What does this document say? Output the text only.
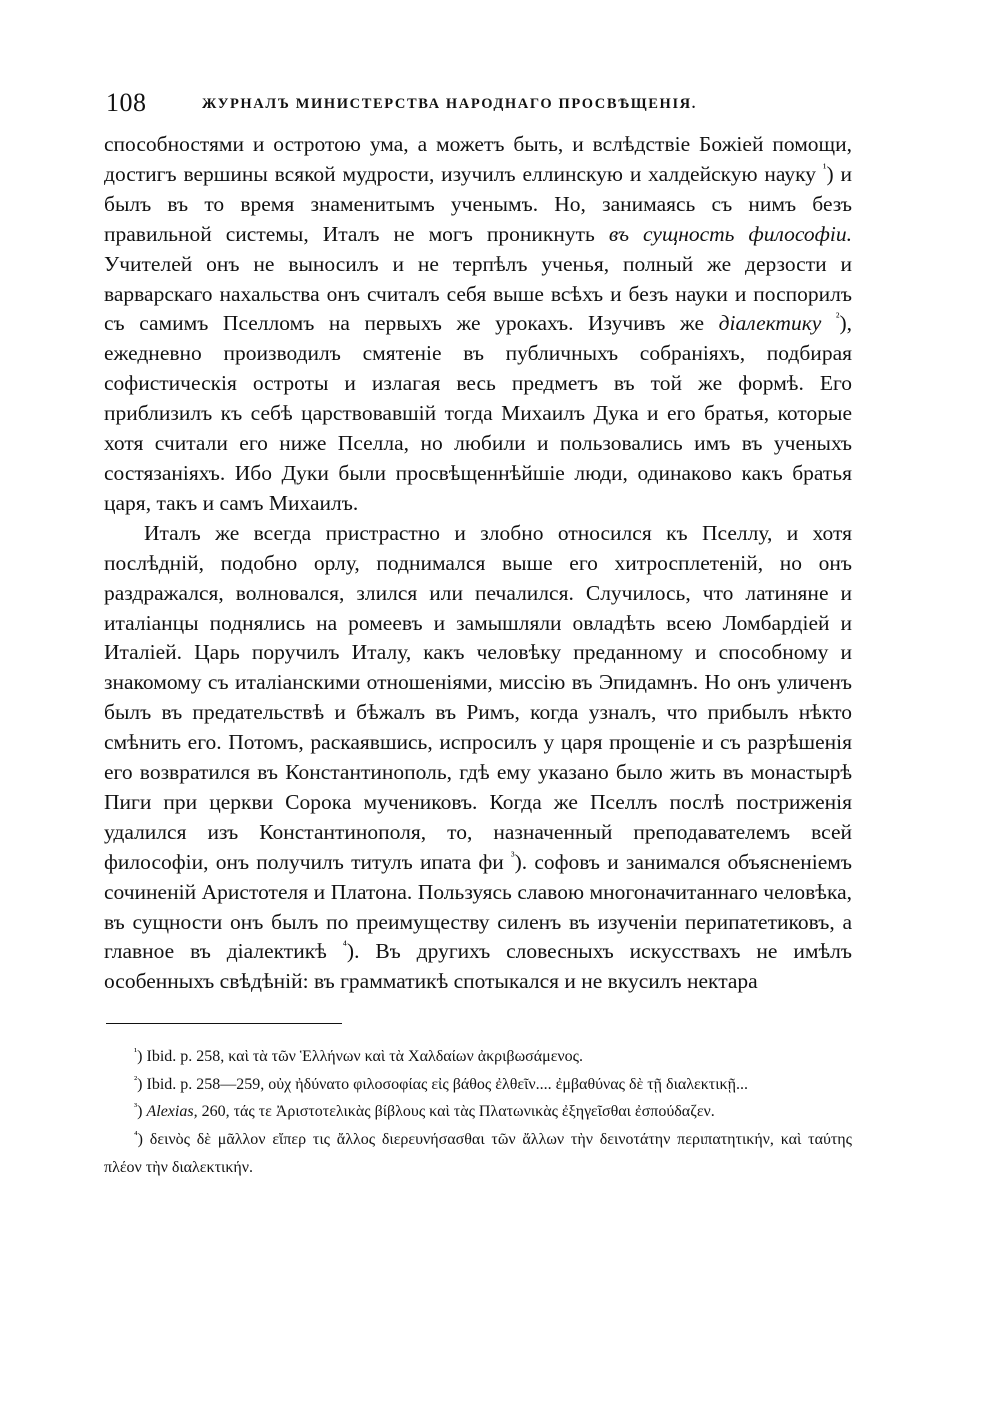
108	ЖУРНАЛЪ МИНИСТЕРСТВА НАРОДНАГО ПРОСВѢЩЕНІЯ.

способностями и остротою ума, а можетъ быть, и вслѣдствіе Божіей помощи, достигъ вершины всякой мудрости, изучилъ еллинскую и халдейскую науку $^{^1}$) и былъ въ то время знаменитымъ ученымъ. Но, занимаясь съ нимъ безъ правильной системы, Италъ не могъ проникнуть въ сущность философіи. Учителей онъ не выносилъ и не терпѣлъ ученья, полный же дерзости и варварскаго нахальства онъ считалъ себя выше всѣхъ и безъ науки и поспорилъ съ самимъ Пселломъ на первыхъ же урокахъ. Изучивъ же діалектику $^{^2}$), ежедневно производилъ смятеніе въ публичныхъ собраніяхъ, подбирая софистическія остроты и излагая весь предметъ въ той же формѣ. Его приблизилъ къ себѣ царствовавшій тогда Михаилъ Дука и его братья, которые хотя считали его ниже Пселла, но любили и пользовались имъ въ ученыхъ состязаніяхъ. Ибо Дуки были просвѣщеннѣйшіе люди, одинаково какъ братья царя, такъ и самъ Михаилъ.

Италъ же всегда пристрастно и злобно относился къ Пселлу, и хотя послѣдній, подобно орлу, поднимался выше его хитросплетеній, но онъ раздражался, волновался, злился или печалился. Случилось, что латиняне и италіанцы поднялись на ромеевъ и замышляли овладѣть всею Ломбардіей и Италіей. Царь поручилъ Италу, какъ человѣку преданному и способному и знакомому съ италіанскими отношеніями, миссію въ Эпидамнъ. Но онъ уличенъ былъ въ предательствѣ и бѣжалъ въ Римъ, когда узналъ, что прибылъ нѣкто смѣнить его. Потомъ, раскаявшись, испросилъ у царя прощеніе и съ разрѣшенія его возвратился въ Константинополь, гдѣ ему указано было жить въ монастырѣ Пиги при церкви Сорока мучениковъ. Когда же Пселлъ послѣ постриженія удалился изъ Константинополя, то, назначенный преподавателемъ всей философіи, онъ получилъ титулъ ипата фи $^{^3}$). софовъ и занимался объясненіемъ сочиненій Аристотеля и Платона. Пользуясь славою многоначитаннаго человѣка, въ сущности онъ былъ по преимуществу силенъ въ изученіи перипатетиковъ, а главное въ діалектикѣ $^{^4}$). Въ другихъ словесныхъ искусствахъ не имѣлъ особенныхъ свѣдѣній: въ грамматикѣ спотыкался и не вкусилъ нектара

$^{^1}$) Ibid. p. 258, καὶ τὰ τῶν Ἑλλήνων καὶ τὰ Χαλδαίων ἀκριβωσάμενος.

$^{^2}$) Ibid. p. 258—259, οὐχ ἠδύνατο φιλοσοφίας εἰς βάθος ἐλθεῖν.... ἐμβαθύνας δὲ τῇ διαλεκτικῇ...

$^{^3}$) Alexias, 260, τάς τε Ἀριστοτελικὰς βίβλους καὶ τὰς Πλατωνικὰς ἐξηγεῖσθαι ἐσπούδαζεν.

$^{^4}$) δεινὸς δὲ μᾶλλον εἴπερ τις ἄλλος διερευνήσασθαι τῶν ἄλλων τὴν δεινοτάτην περιπατητικήν, καὶ ταύτης πλέον τὴν διαλεκτικήν.
